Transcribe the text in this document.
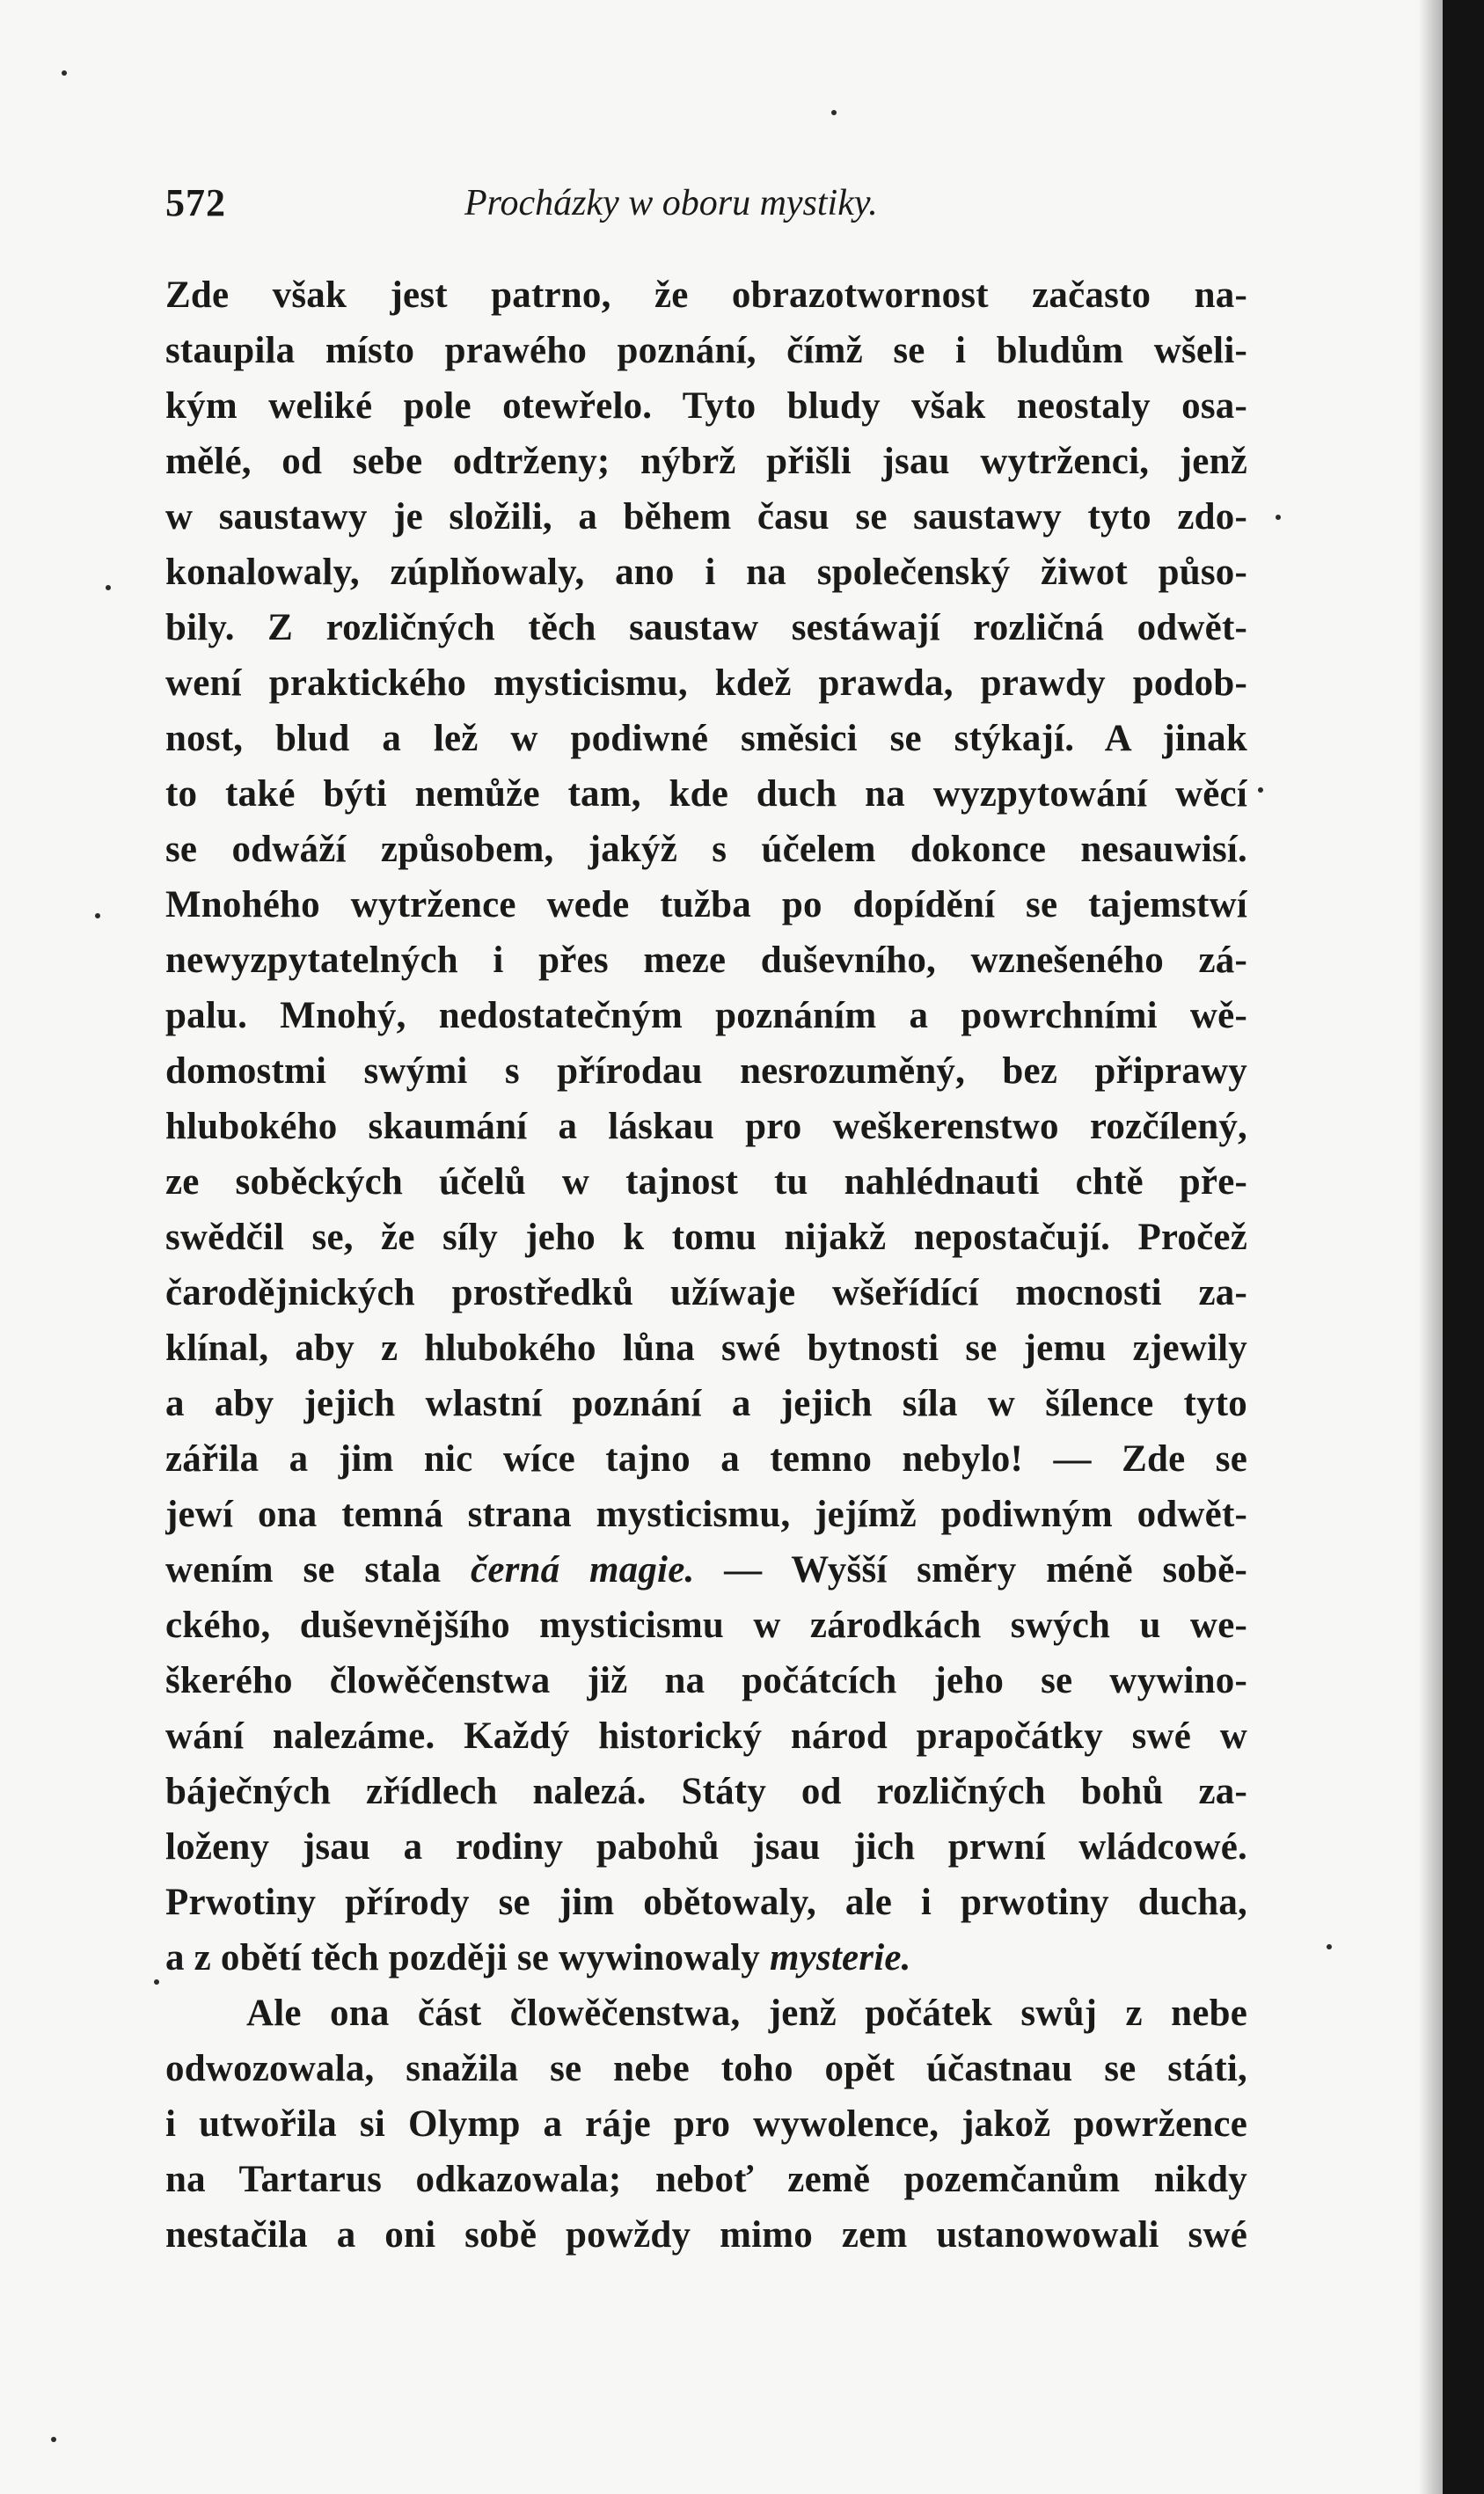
572	Procházky w oboru mystiky.
Zde však jest patrno, že obrazotwornost začasto na-
staupila místo prawého poznání, čímž se i bludům wšeli-
kým weliké pole otewřelo. Tyto bludy však neostaly osa-
mělé, od sebe odtrženy; nýbrž přišli jsau wytrženci, jenž
w saustawy je složili, a během času se saustawy tyto zdo-
konalowaly, zúplňowaly, ano i na společenský žiwot půso-
bily. Z rozličných těch saustaw sestáwají rozličná odwět-
wení praktického mysticismu, kdež prawda, prawdy podob-
nost, blud a lež w podiwné směsici se stýkají. A jinak
to také býti nemůže tam, kde duch na wyzpytowání wěcí
se odwáží způsobem, jakýž s účelem dokonce nesauwisí.
Mnohého wytržence wede tužba po dopídění se tajemstwí
newyzpytatelných i přes meze duševního, wznešeného zá-
palu. Mnohý, nedostatečným poznáním a powrchními wě-
domostmi swými s přírodau nesrozuměný, bez připrawy
hlubokého skaumání a láskau pro weškerenstwo rozčílený,
ze soběckých účelů w tajnost tu nahlédnauti chtě pře-
swědčil se, že síly jeho k tomu nijakž nepostačují. Pročež
čarodějnických prostředků užíwaje wšeřídící mocnosti za-
klínal, aby z hlubokého lůna swé bytnosti se jemu zjewily
a aby jejich wlastní poznání a jejich síla w šílence tyto
zářila a jim nic wíce tajno a temno nebylo! — Zde se
jewí ona temná strana mysticismu, jejímž podiwným odwět-
wením se stala černá magie. — Wyšší směry méně sobě-
ckého, duševnějšího mysticismu w zárodkách swých u we-
škerého člowěčenstwa již na počátcích jeho se wywino-
wání nalezáme. Každý historický národ prapočátky swé w
báječných zřídlech nalezá. Státy od rozličných bohů za-
loženy jsau a rodiny pabohů jsau jich prwní wládcowé.
Prwotiny přírody se jim obětowaly, ale i prwotiny ducha,
a z obětí těch později se wywinowaly mysterie.
Ale ona část člowěčenstwa, jenž počátek swůj z nebe
odwozowala, snažila se nebe toho opět účastnau se státi,
i utwořila si Olymp a ráje pro wywolence, jakož powržence
na Tartarus odkazowala; neboť země pozemčanům nikdy
nestačila a oni sobě powždy mimo zem ustanowowali swé
